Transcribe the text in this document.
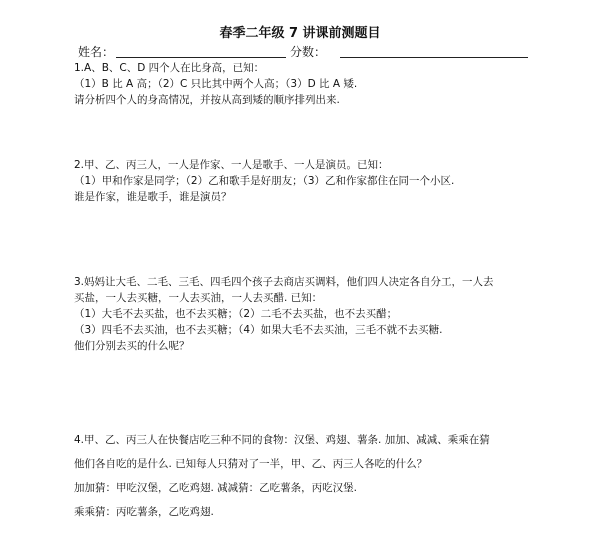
春季二年级 7 讲课前测题目
姓名：	分数：

1.A、B、C、D 四个人在比身高，已知：

（1）B 比 A 高；（2）C 只比其中两个人高；（3）D 比 A 矮.

请分析四个人的身高情况，并按从高到矮的顺序排列出来.

2.甲、乙、丙三人，一人是作家、一人是歌手、一人是演员。已知：

（1）甲和作家是同学；（2）乙和歌手是好朋友；（3）乙和作家都住在同一个小区.

谁是作家，谁是歌手，谁是演员？

3.妈妈让大毛、二毛、三毛、四毛四个孩子去商店买调料，他们四人决定各自分工，一人去

买盐，一人去买糖，一人去买油，一人去买醋. 已知：

（1）大毛不去买盐，也不去买糖；（2）二毛不去买盐，也不去买醋；

（3）四毛不去买油，也不去买糖；（4）如果大毛不去买油，三毛不就不去买糖.

他们分别去买的什么呢？

4.甲、乙、丙三人在快餐店吃三种不同的食物：汉堡、鸡翅、薯条. 加加、减减、乘乘在猜

他们各自吃的是什么. 已知每人只猜对了一半，甲、乙、丙三人各吃的什么？

加加猜：甲吃汉堡，乙吃鸡翅. 减减猜：乙吃薯条，丙吃汉堡.

乘乘猜：丙吃薯条，乙吃鸡翅.
